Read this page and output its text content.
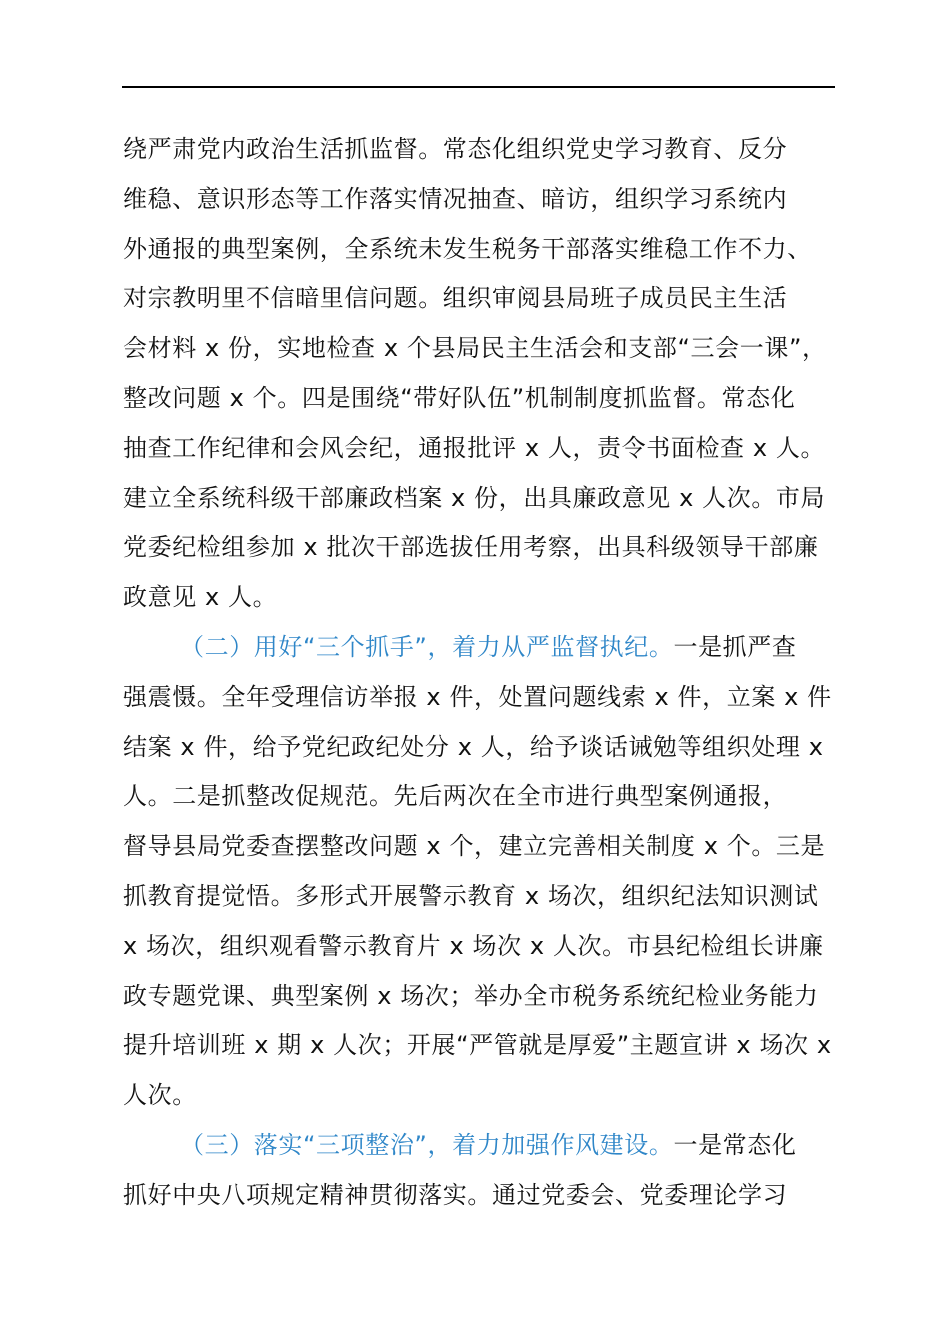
绕严肃党内政治生活抓监督。常态化组织党史学习教育、反分
维稳、意识形态等工作落实情况抽查、暗访，组织学习系统内
外通报的典型案例，全系统未发生税务干部落实维稳工作不力、
对宗教明里不信暗里信问题。组织审阅县局班子成员民主生活
会材料 x 份，实地检查 x 个县局民主生活会和支部“三会一课”，
整改问题 x 个。四是围绕“带好队伍”机制制度抓监督。常态化
抽查工作纪律和会风会纪，通报批评 x 人，责令书面检查 x 人。
建立全系统科级干部廉政档案 x 份，出具廉政意见 x 人次。市局
党委纪检组参加 x 批次干部选拔任用考察，出具科级领导干部廉
政意见 x 人。
（二）用好“三个抓手”，着力从严监督执纪。一是抓严查
强震慑。全年受理信访举报 x 件，处置问题线索 x 件，立案 x 件
结案 x 件，给予党纪政纪处分 x 人，给予谈话诫勉等组织处理 x
人。二是抓整改促规范。先后两次在全市进行典型案例通报，
督导县局党委查摆整改问题 x 个，建立完善相关制度 x 个。三是
抓教育提觉悟。多形式开展警示教育 x 场次，组织纪法知识测试
x 场次，组织观看警示教育片 x 场次 x 人次。市县纪检组长讲廉
政专题党课、典型案例 x 场次；举办全市税务系统纪检业务能力
提升培训班 x 期 x 人次；开展“严管就是厚爱”主题宣讲 x 场次 x
人次。
（三）落实“三项整治”，着力加强作风建设。一是常态化
抓好中央八项规定精神贯彻落实。通过党委会、党委理论学习
